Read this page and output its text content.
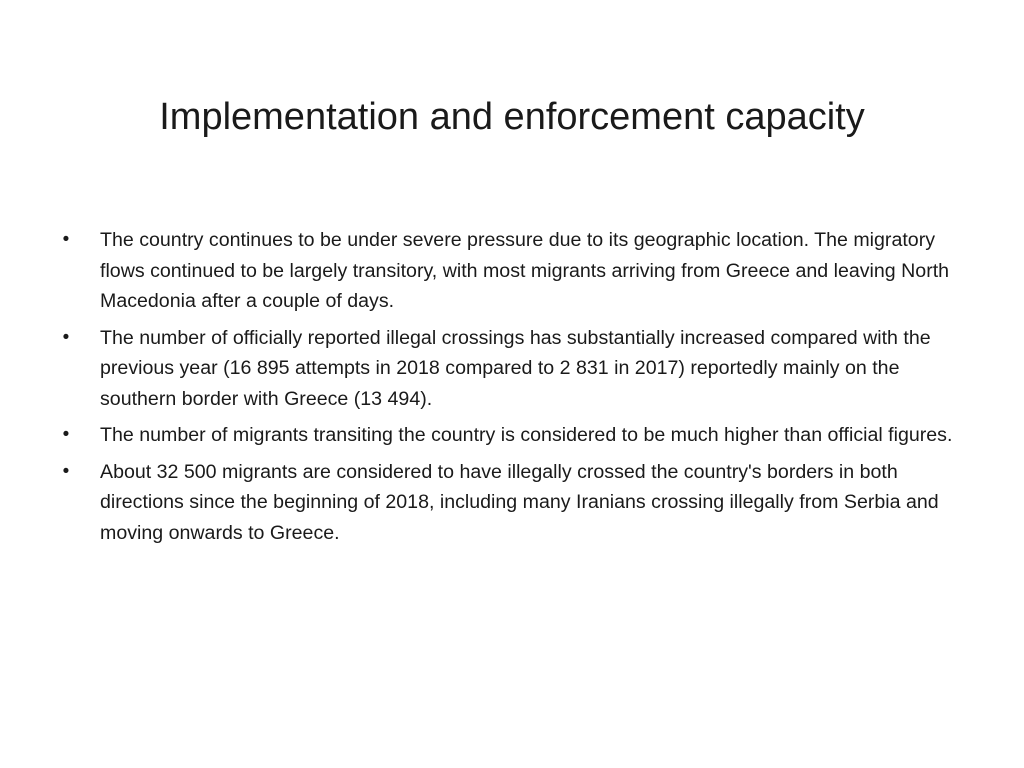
Implementation and enforcement capacity
• The country continues to be under severe pressure due to its geographic location. The migratory flows continued to be largely transitory, with most migrants arriving from Greece and leaving North Macedonia after a couple of days.
• The number of officially reported illegal crossings has substantially increased compared with the previous year (16 895 attempts in 2018 compared to 2 831 in 2017) reportedly mainly on the southern border with Greece (13 494).
• The number of migrants transiting the country is considered to be much higher than official figures.
• About 32 500 migrants are considered to have illegally crossed the country's borders in both directions since the beginning of 2018, including many Iranians crossing illegally from Serbia and moving onwards to Greece.
